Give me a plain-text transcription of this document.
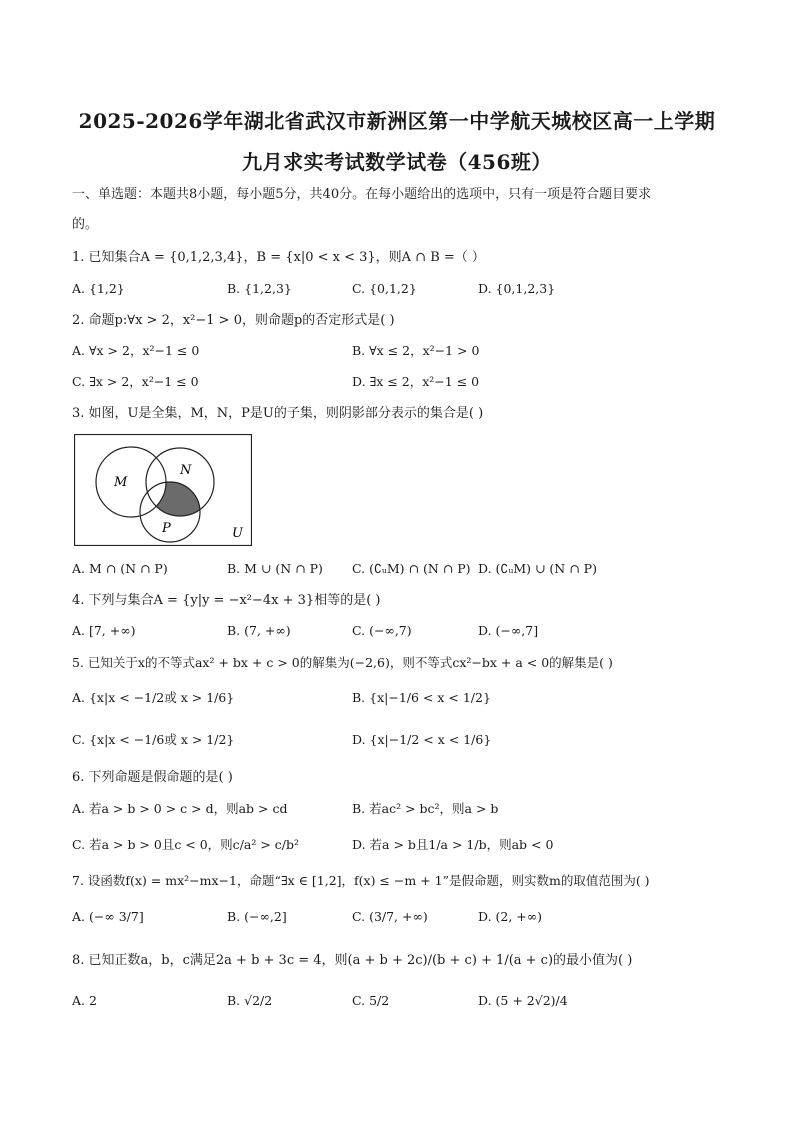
2025-2026学年湖北省武汉市新洲区第一中学航天城校区高一上学期
九月求实考试数学试卷（456班）
一、单选题：本题共8小题，每小题5分，共40分。在每小题给出的选项中，只有一项是符合题目要求
的。
1. 已知集合A = {0,1,2,3,4}，B = {x|0 < x < 3}，则A ∩ B =（ ）
A. {1,2}	B. {1,2,3}	C. {0,1,2}	D. {0,1,2,3}
2. 命题p:∀x > 2，x²−1 > 0，则命题p的否定形式是( )
A. ∀x > 2，x²−1 ≤ 0	B. ∀x ≤ 2，x²−1 > 0
C. ∃x > 2，x²−1 ≤ 0	D. ∃x ≤ 2，x²−1 ≤ 0
3. 如图，U是全集，M，N，P是U的子集，则阴影部分表示的集合是( )
M
N
P	U
A. M ∩ (N ∩ P)	B. M ∪ (N ∩ P) C. (∁ᵤM) ∩ (N ∩ P) D. (∁ᵤM) ∪ (N ∩ P)
4. 下列与集合A = {y|y = −x²−4x + 3}相等的是( )
A. [7, +∞)	B. (7, +∞)	C. (−∞,7)	D. (−∞,7]
5. 已知关于x的不等式ax² + bx + c > 0的解集为(−2,6)，则不等式cx²−bx + a < 0的解集是( )
A. {x|x < −1/2或 x > 1/6}	B. {x|−1/6 < x < 1/2}
C. {x|x < −1/6或 x > 1/2}	D. {x|−1/2 < x < 1/6}
6. 下列命题是假命题的是( )
A. 若a > b > 0 > c > d，则ab > cd	B. 若ac² > bc²，则a > b
C. 若a > b > 0且c < 0，则c/a² > c/b²	D. 若a > b且1/a > 1/b，则ab < 0
7. 设函数f(x) = mx²−mx−1，命题“∃x ∈ [1,2]，f(x) ≤ −m + 1”是假命题，则实数m的取值范围为( )
A. (−∞ 3/7]	B. (−∞,2]	C. (3/7, +∞)	D. (2, +∞)
8. 已知正数a，b，c满足2a + b + 3c = 4，则(a + b + 2c)/(b + c) + 1/(a + c)的最小值为( )
A. 2	B. √2/2	C. 5/2	D. (5 + 2√2)/4
